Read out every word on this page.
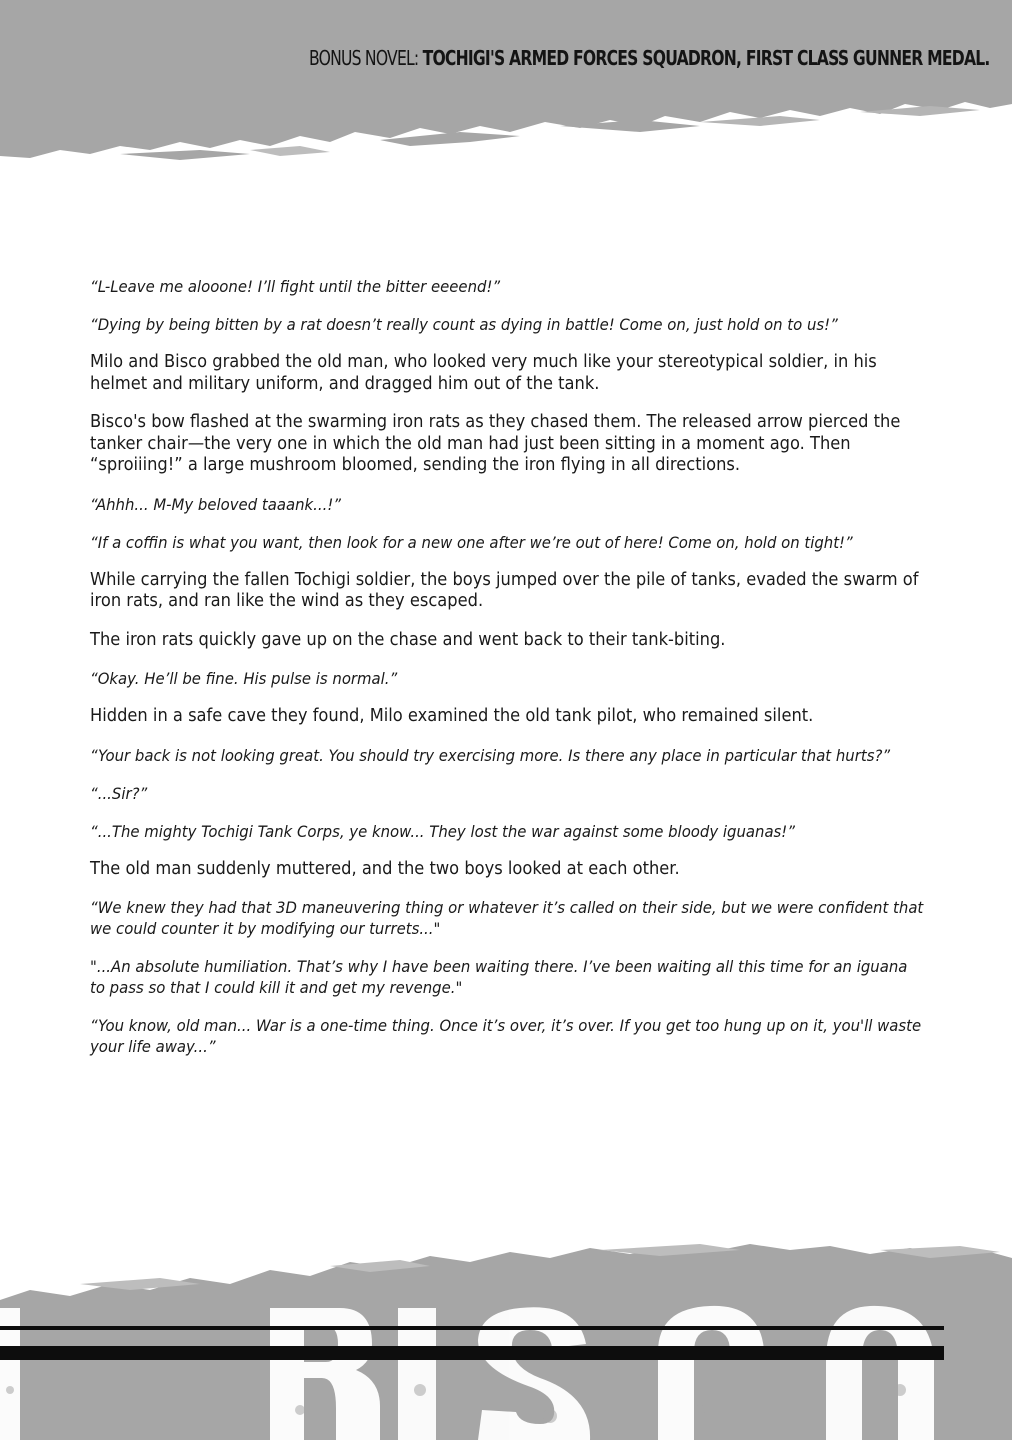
BONUS NOVEL: TOCHIGI'S ARMED FORCES SQUADRON, FIRST CLASS GUNNER MEDAL.

“L-Leave me alooone! I’ll fight until the bitter eeeend!”

“Dying by being bitten by a rat doesn’t really count as dying in battle! Come on, just hold on to us!”

Milo and Bisco grabbed the old man, who looked very much like your stereotypical soldier, in his helmet and military uniform, and dragged him out of the tank.

Bisco's bow flashed at the swarming iron rats as they chased them. The released arrow pierced the tanker chair—the very one in which the old man had just been sitting in a moment ago. Then “sproiiing!” a large mushroom bloomed, sending the iron flying in all directions.

“Ahhh... M-My beloved taaank...!”

“If a coffin is what you want, then look for a new one after we’re out of here! Come on, hold on tight!”

While carrying the fallen Tochigi soldier, the boys jumped over the pile of tanks, evaded the swarm of iron rats, and ran like the wind as they escaped.

The iron rats quickly gave up on the chase and went back to their tank-biting.

“Okay. He’ll be fine. His pulse is normal.”

Hidden in a safe cave they found, Milo examined the old tank pilot, who remained silent.

“Your back is not looking great. You should try exercising more. Is there any place in particular that hurts?”

“...Sir?”

“...The mighty Tochigi Tank Corps, ye know... They lost the war against some bloody iguanas!”

The old man suddenly muttered, and the two boys looked at each other.

“We knew they had that 3D maneuvering thing or whatever it’s called on their side, but we were confident that we could counter it by modifying our turrets..."

"...An absolute humiliation. That’s why I have been waiting there. I’ve been waiting all this time for an iguana to pass so that I could kill it and get my revenge."

“You know, old man... War is a one-time thing. Once it’s over, it’s over. If you get too hung up on it, you'll waste your life away...”
